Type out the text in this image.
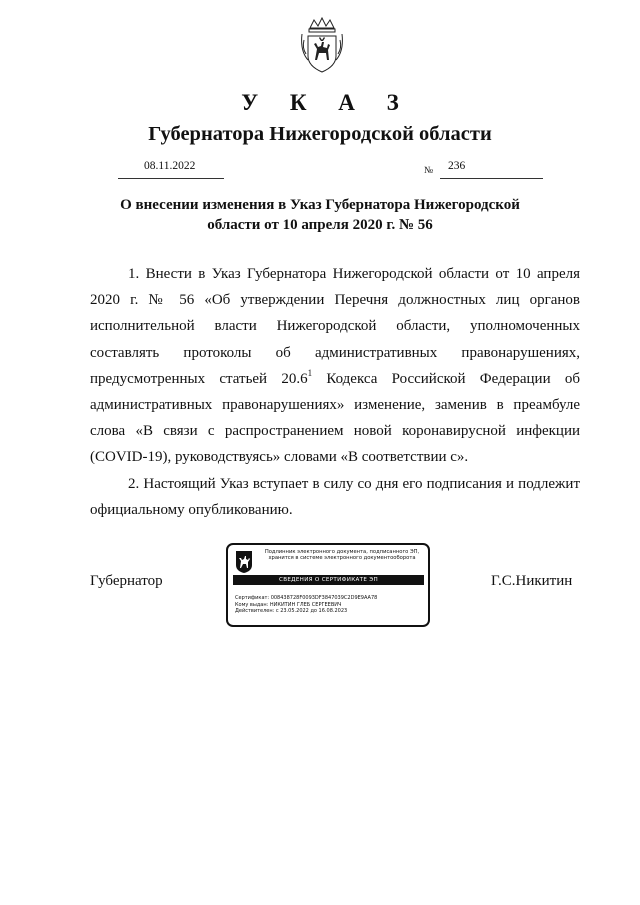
У К А З
Губернатора Нижегородской области
08.11.2022	№ 236
О внесении изменения в Указ Губернатора Нижегородской
области от 10 апреля 2020 г. № 56

1. Внести в Указ Губернатора Нижегородской области от 10 апреля 2020 г. № 56 «Об утверждении Перечня должностных лиц органов исполнительной власти Нижегородской области, уполномоченных составлять протоколы об административных правонарушениях, предусмотренных статьей 20.6$^1$ Кодекса Российской Федерации об административных правонарушениях» изменение, заменив в преамбуле слова «В связи с распространением новой коронавирусной инфекции (COVID-19), руководствуясь» словами «В соответствии с».

2. Настоящий Указ вступает в силу со дня его подписания и подлежит официальному опубликованию.

Губернатор	Г.С.Никитин
Подлинник электронного документа, подписанного ЭП,
хранится в системе электронного документооборота
СВЕДЕНИЯ О СЕРТИФИКАТЕ ЭП
Сертификат: 008438728F0093DF3847039C2D9E9AA78
Кому выдан: НИКИТИН ГЛЕБ СЕРГЕЕВИЧ
Действителен: с 23.05.2022 до 16.08.2023
